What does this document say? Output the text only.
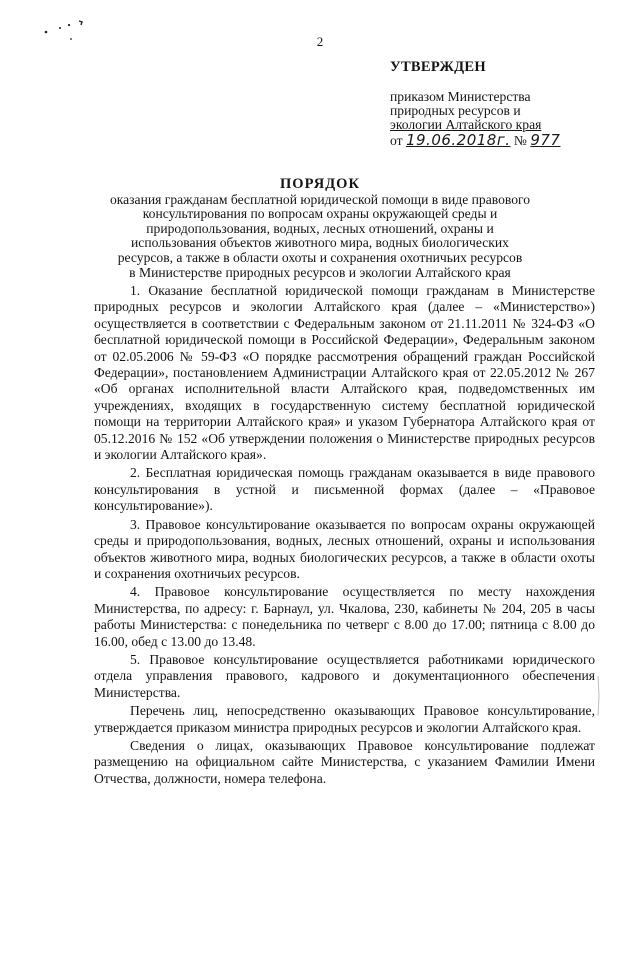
2
УТВЕРЖДЕН
приказом Министерства
природных ресурсов и
экологии Алтайского края
от 19.06.2018г. № 977
ПОРЯДОК
оказания гражданам бесплатной юридической помощи в виде правового
консультирования по вопросам охраны окружающей среды и
природопользования, водных, лесных отношений, охраны и
использования объектов животного мира, водных биологических
ресурсов, а также в области охоты и сохранения охотничьих ресурсов
в Министерстве природных ресурсов и экологии Алтайского края

1. Оказание бесплатной юридической помощи гражданам в Министерстве природных ресурсов и экологии Алтайского края (далее – «Министерство») осуществляется в соответствии с Федеральным законом от 21.11.2011 № 324-ФЗ «О бесплатной юридической помощи в Российской Федерации», Федеральным законом от 02.05.2006 № 59-ФЗ «О порядке рассмотрения обращений граждан Российской Федерации», постановлением Администрации Алтайского края от 22.05.2012 № 267 «Об органах исполнительной власти Алтайского края, подведомственных им учреждениях, входящих в государственную систему бесплатной юридической помощи на территории Алтайского края» и указом Губернатора Алтайского края от 05.12.2016 № 152 «Об утверждении положения о Министерстве природных ресурсов и экологии Алтайского края».

2. Бесплатная юридическая помощь гражданам оказывается в виде правового консультирования в устной и письменной формах (далее – «Правовое консультирование»).

3. Правовое консультирование оказывается по вопросам охраны окружающей среды и природопользования, водных, лесных отношений, охраны и использования объектов животного мира, водных биологических ресурсов, а также в области охоты и сохранения охотничьих ресурсов.

4. Правовое консультирование осуществляется по месту нахождения Министерства, по адресу: г. Барнаул, ул. Чкалова, 230, кабинеты № 204, 205 в часы работы Министерства: с понедельника по четверг с 8.00 до 17.00; пятница с 8.00 до 16.00, обед с 13.00 до 13.48.

5. Правовое консультирование осуществляется работниками юридического отдела управления правового, кадрового и документационного обеспечения Министерства.

Перечень лиц, непосредственно оказывающих Правовое консультирование, утверждается приказом министра природных ресурсов и экологии Алтайского края.

Сведения о лицах, оказывающих Правовое консультирование подлежат размещению на официальном сайте Министерства, с указанием Фамилии Имени Отчества, должности, номера телефона.
